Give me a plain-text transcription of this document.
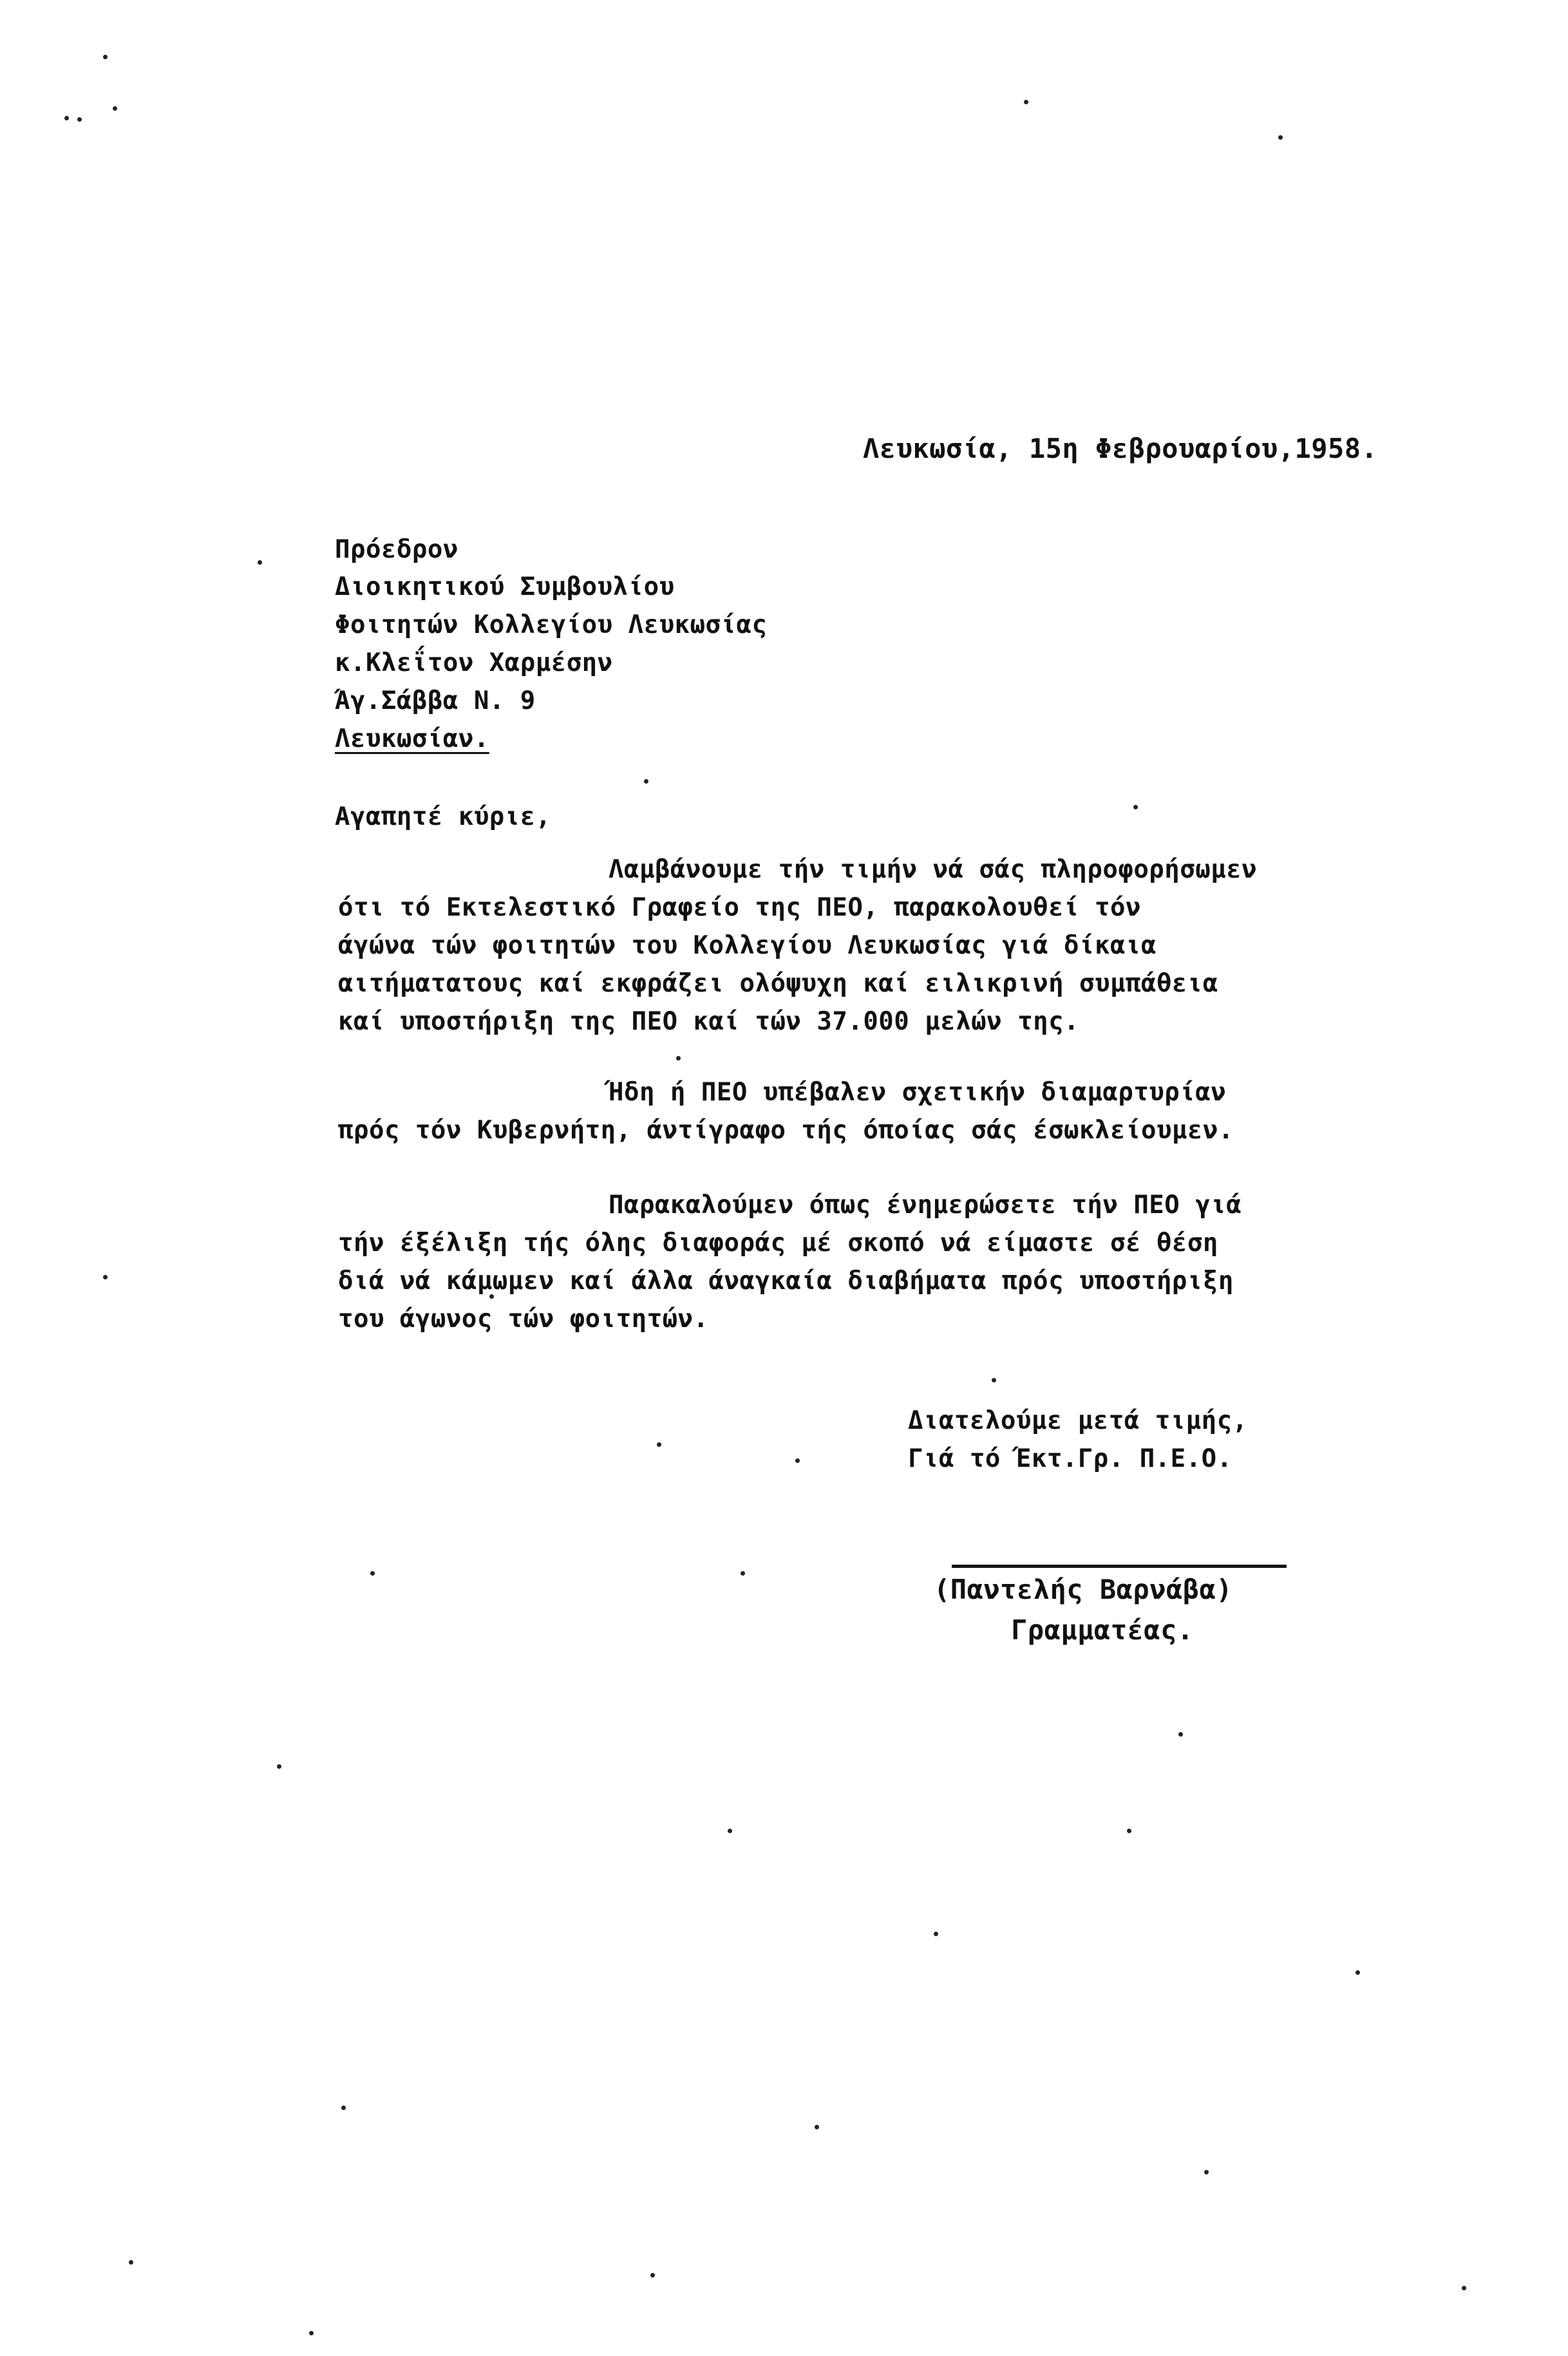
Λευκωσία, 15η Φεβρουαρίου,1958.
Πρόεδρον
Διοικητικού Συμβουλίου
Φοιτητών Κολλεγίου Λευκωσίας
κ.Κλεΐτον Χαρμέσην
Άγ.Σάββα Ν. 9
Λευκωσίαν.
Αγαπητέ κύριε,
Λαμβάνουμε τήν τιμήν νά σάς πληροφορήσωμεν
ότι τό Εκτελεστικό Γραφείο της ΠΕΟ, παρακολουθεί τόν
άγώνα τών φοιτητών του Κολλεγίου Λευκωσίας γιά δίκαια
αιτήματατους καί εκφράζει ολόψυχη καί ειλικρινή συμπάθεια
καί υποστήριξη της ΠΕΟ καί τών 37.000 μελών της.
Ήδη ή ΠΕΟ υπέβαλεν σχετικήν διαμαρτυρίαν
πρός τόν Κυβερνήτη, άντίγραφο τής όποίας σάς έσωκλείουμεν.
Παρακαλούμεν όπως ένημερώσετε τήν ΠΕΟ γιά
τήν έξέλιξη τής όλης διαφοράς μέ σκοπό νά είμαστε σέ θέση
διά νά κάμωμεν καί άλλα άναγκαία διαβήματα πρός υποστήριξη
του άγωνος τών φοιτητών.
Διατελούμε μετά τιμής,
Γιά τό Έκτ.Γρ. Π.Ε.Ο.
(Παντελής Βαρνάβα)
Γραμματέας.
